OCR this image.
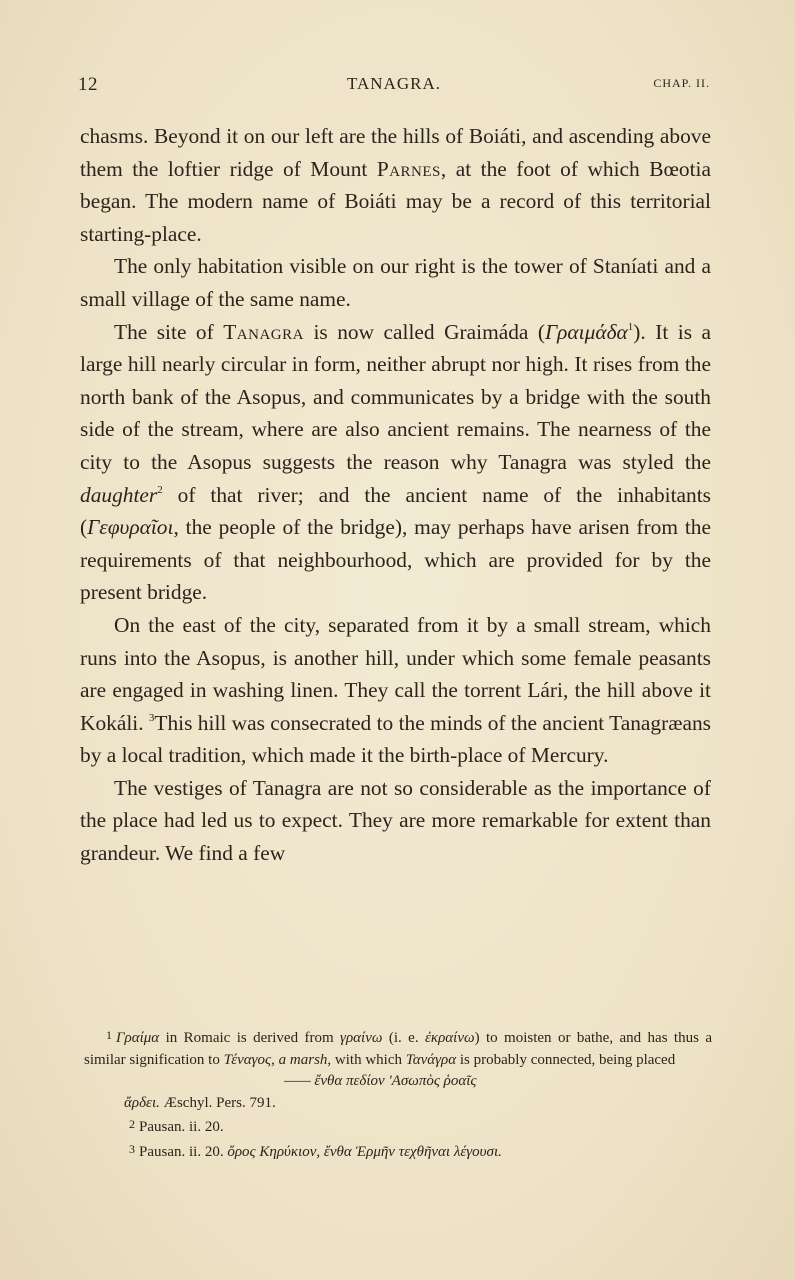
12	TANAGRA.	CHAP. II.

chasms. Beyond it on our left are the hills of Boiáti, and ascending above them the loftier ridge of Mount Parnes, at the foot of which Bœotia began. The modern name of Boiáti may be a record of this territorial starting-place.

The only habitation visible on our right is the tower of Staníati and a small village of the same name.

The site of Tanagra is now called Graimáda (Γραιμάδα$^1$). It is a large hill nearly circular in form, neither abrupt nor high. It rises from the north bank of the Asopus, and communicates by a bridge with the south side of the stream, where are also ancient remains. The nearness of the city to the Asopus suggests the reason why Tanagra was styled the daughter$^2$ of that river; and the ancient name of the inhabitants (Γεφυραῖοι, the people of the bridge), may perhaps have arisen from the requirements of that neighbourhood, which are provided for by the present bridge.

On the east of the city, separated from it by a small stream, which runs into the Asopus, is another hill, under which some female peasants are engaged in washing linen. They call the torrent Lári, the hill above it Kokáli. $^3$This hill was consecrated to the minds of the ancient Tanagræans by a local tradition, which made it the birth-place of Mercury.

The vestiges of Tanagra are not so considerable as the importance of the place had led us to expect. They are more remarkable for extent than grandeur. We find a few

$^1$ Γραίμα in Romaic is derived from γραίνω (i. e. ἐκραίνω) to moisten or bathe, and has thus a similar signification to Τέναγος, a marsh, with which Τανάγρα is probably connected, being placed

—— ἔνθα πεδίον 'Ασωπὸς ῥοαῖς

ἄρδει. Æschyl. Pers. 791.

$^2$ Pausan. ii. 20.

$^3$ Pausan. ii. 20. ὄρος Κηρύκιον, ἔνθα Ἑρμῆν τεχθῆναι λέγουσι.
